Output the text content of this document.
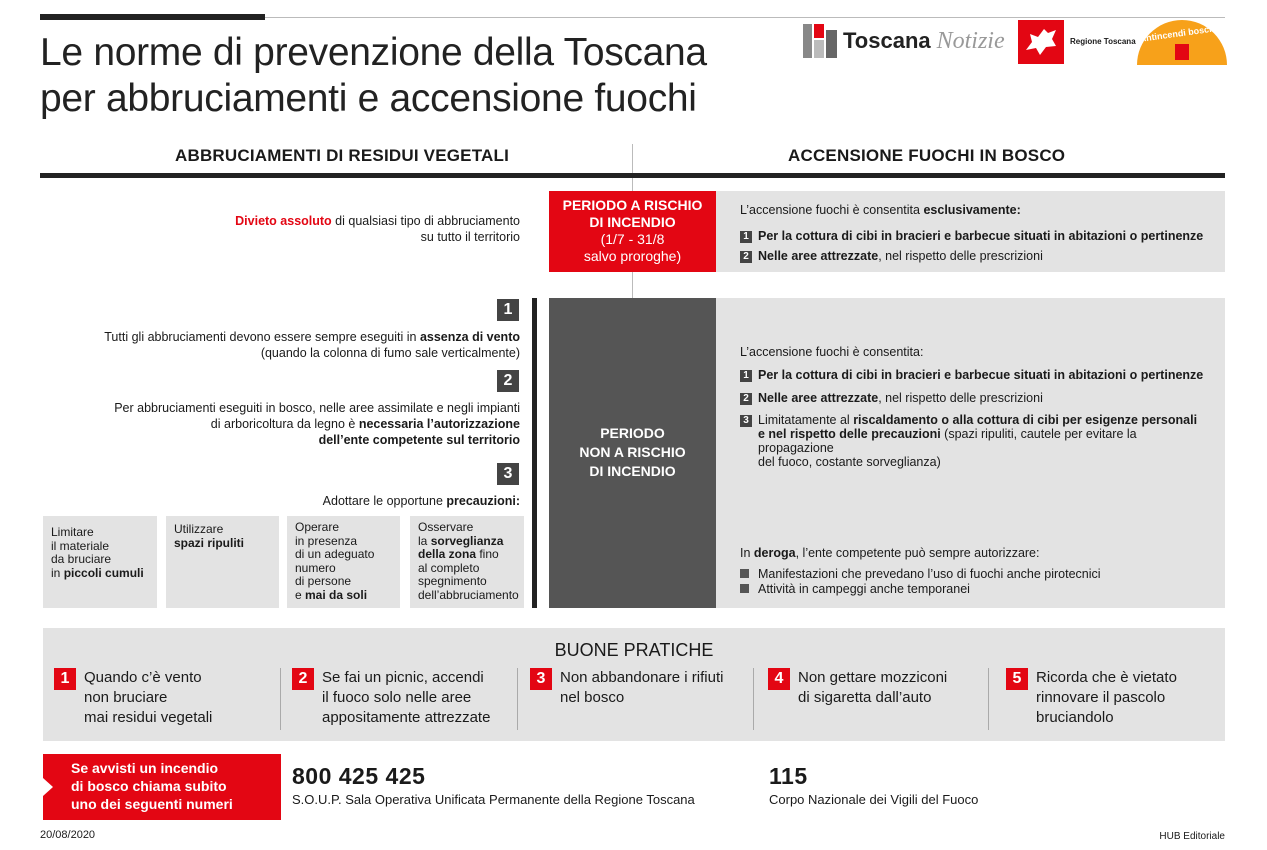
Le norme di prevenzione della Toscana
per abbruciamenti e accensione fuochi
Toscana Notizie	Regione Toscana Antincendi boschivi
ABBRUCIAMENTI DI RESIDUI VEGETALI	ACCENSIONE FUOCHI IN BOSCO
Divieto assoluto di qualsiasi tipo di abbruciamento
su tutto il territorio
PERIODO A RISCHIO
DI INCENDIO
(1/7 - 31/8
salvo proroghe)
L’accensione fuochi è consentita esclusivamente:
1 Per la cottura di cibi in bracieri e barbecue situati in abitazioni o pertinenze
2 Nelle aree attrezzate, nel rispetto delle prescrizioni
1
Tutti gli abbruciamenti devono essere sempre eseguiti in assenza di vento
(quando la colonna di fumo sale verticalmente)
2
Per abbruciamenti eseguiti in bosco, nelle aree assimilate e negli impianti
di arboricoltura da legno è necessaria l’autorizzazione
dell’ente competente sul territorio
3
Adottare le opportune precauzioni:
Limitare
il materiale
da bruciare
in piccoli cumuli
Utilizzare
spazi ripuliti
Operare
in presenza
di un adeguato
numero
di persone
e mai da soli
Osservare
la sorveglianza
della zona fino
al completo
spegnimento
dell’abbruciamento
PERIODO
NON A RISCHIO
DI INCENDIO
L’accensione fuochi è consentita:
1 Per la cottura di cibi in bracieri e barbecue situati in abitazioni o pertinenze
2 Nelle aree attrezzate, nel rispetto delle prescrizioni
3 Limitatamente al riscaldamento o alla cottura di cibi per esigenze personali
e nel rispetto delle precauzioni (spazi ripuliti, cautele per evitare la propagazione
del fuoco, costante sorveglianza)
In deroga, l’ente competente può sempre autorizzare:
Manifestazioni che prevedano l’uso di fuochi anche pirotecnici
Attività in campeggi anche temporanei
BUONE PRATICHE
1 Quando c’è vento
non bruciare
mai residui vegetali
2 Se fai un picnic, accendi
il fuoco solo nelle aree
appositamente attrezzate
3 Non abbandonare i rifiuti
nel bosco
4 Non gettare mozziconi
di sigaretta dall’auto
5 Ricorda che è vietato
rinnovare il pascolo
bruciandolo
Se avvisti un incendio
di bosco chiama subito
uno dei seguenti numeri
800 425 425
S.O.U.P. Sala Operativa Unificata Permanente della Regione Toscana
115
Corpo Nazionale dei Vigili del Fuoco
20/08/2020	HUB Editoriale
